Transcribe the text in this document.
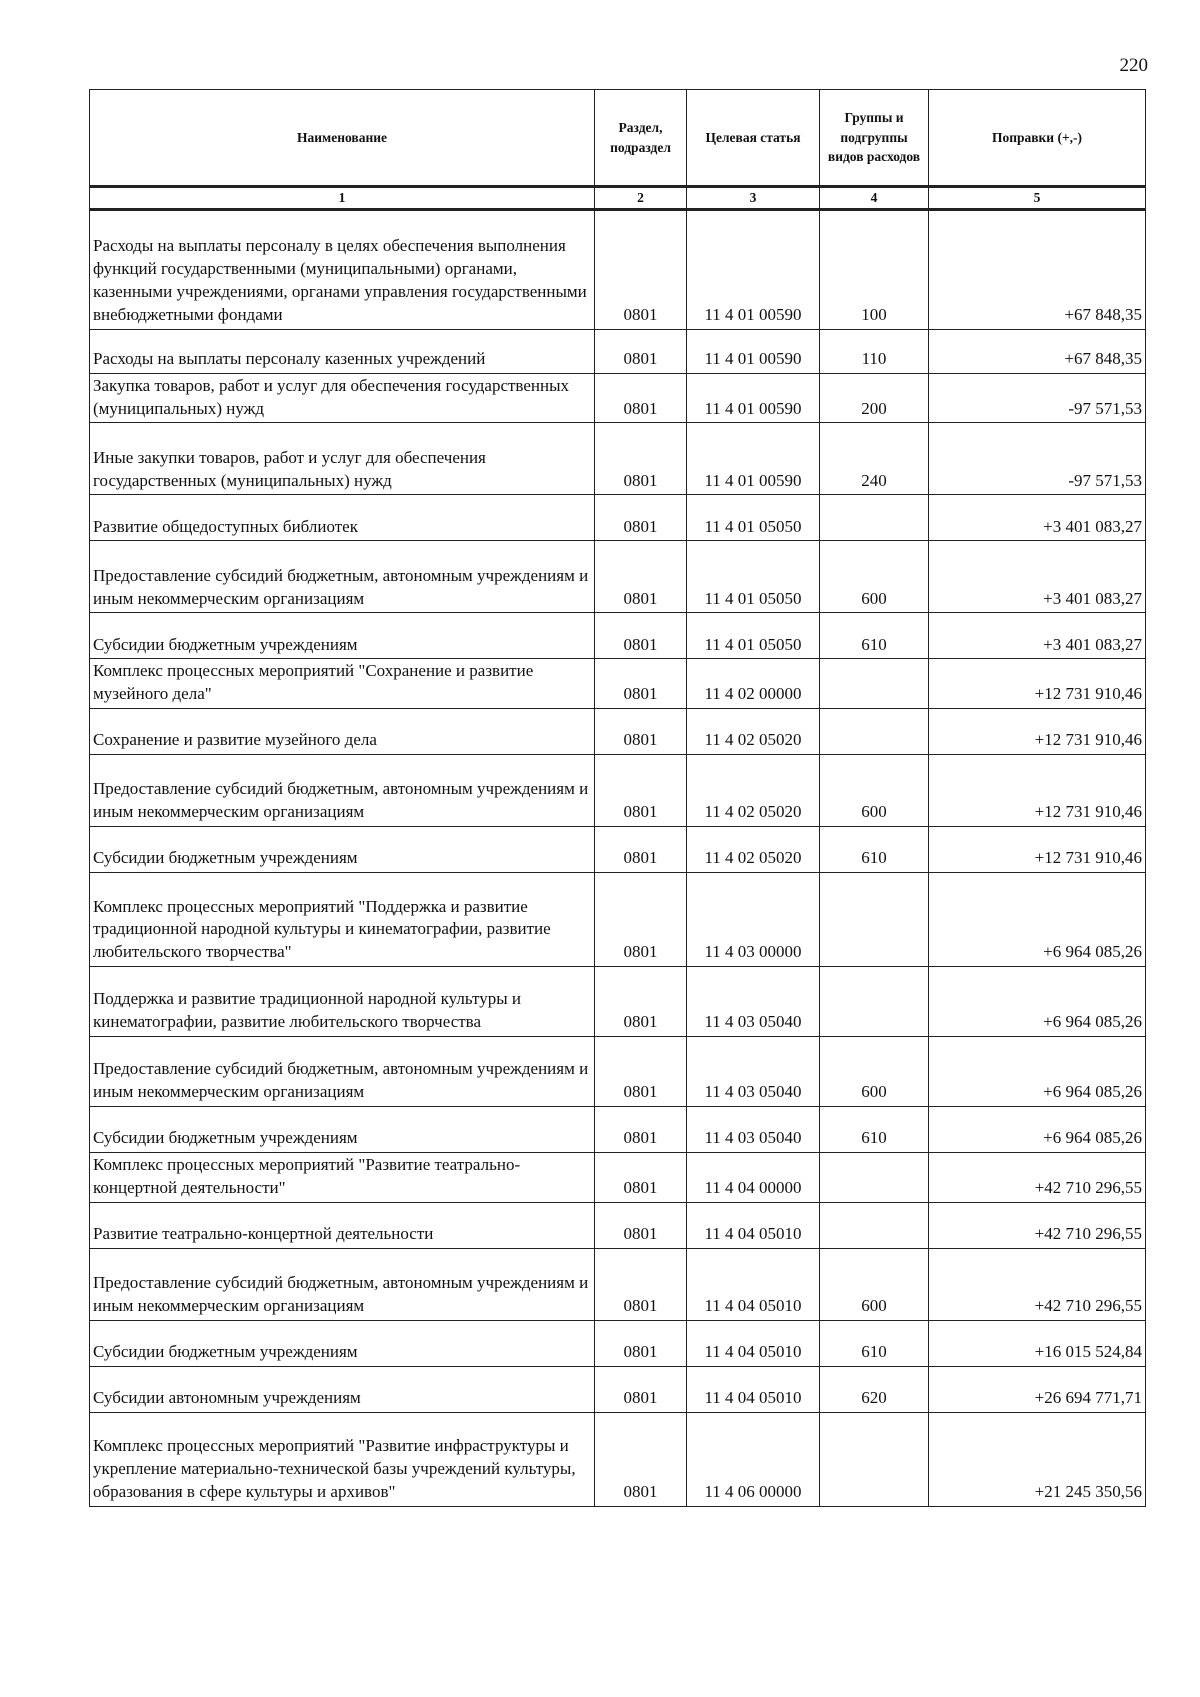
220
Наименование	Раздел, подраздел	Целевая статья	Группы и подгруппы видов расходов	Поправки (+,-)
1	2	3	4	5
Расходы на выплаты персоналу в целях обеспечения выполнения функций государственными (муниципальными) органами, казенными учреждениями, органами управления государственными внебюджетными фондами	0801	11 4 01 00590	100	+67 848,35
Расходы на выплаты персоналу казенных учреждений	0801	11 4 01 00590	110	+67 848,35
Закупка товаров, работ и услуг для обеспечения государственных (муниципальных) нужд	0801	11 4 01 00590	200	-97 571,53
Иные закупки товаров, работ и услуг для обеспечения государственных (муниципальных) нужд	0801	11 4 01 00590	240	-97 571,53
Развитие общедоступных библиотек	0801	11 4 01 05050		+3 401 083,27
Предоставление субсидий бюджетным, автономным учреждениям и иным некоммерческим организациям	0801	11 4 01 05050	600	+3 401 083,27
Субсидии бюджетным учреждениям	0801	11 4 01 05050	610	+3 401 083,27
Комплекс процессных мероприятий "Сохранение и развитие музейного дела"	0801	11 4 02 00000		+12 731 910,46
Сохранение и развитие музейного дела	0801	11 4 02 05020		+12 731 910,46
Предоставление субсидий бюджетным, автономным учреждениям и иным некоммерческим организациям	0801	11 4 02 05020	600	+12 731 910,46
Субсидии бюджетным учреждениям	0801	11 4 02 05020	610	+12 731 910,46
Комплекс процессных мероприятий "Поддержка и развитие традиционной народной культуры и кинематографии, развитие любительского творчества"	0801	11 4 03 00000		+6 964 085,26
Поддержка и развитие традиционной народной культуры и кинематографии, развитие любительского творчества	0801	11 4 03 05040		+6 964 085,26
Предоставление субсидий бюджетным, автономным учреждениям и иным некоммерческим организациям	0801	11 4 03 05040	600	+6 964 085,26
Субсидии бюджетным учреждениям	0801	11 4 03 05040	610	+6 964 085,26
Комплекс процессных мероприятий "Развитие театрально-концертной деятельности"	0801	11 4 04 00000		+42 710 296,55
Развитие театрально-концертной деятельности	0801	11 4 04 05010		+42 710 296,55
Предоставление субсидий бюджетным, автономным учреждениям и иным некоммерческим организациям	0801	11 4 04 05010	600	+42 710 296,55
Субсидии бюджетным учреждениям	0801	11 4 04 05010	610	+16 015 524,84
Субсидии автономным учреждениям	0801	11 4 04 05010	620	+26 694 771,71
Комплекс процессных мероприятий "Развитие инфраструктуры и укрепление материально-технической базы учреждений культуры, образования в сфере культуры и архивов"	0801	11 4 06 00000		+21 245 350,56
